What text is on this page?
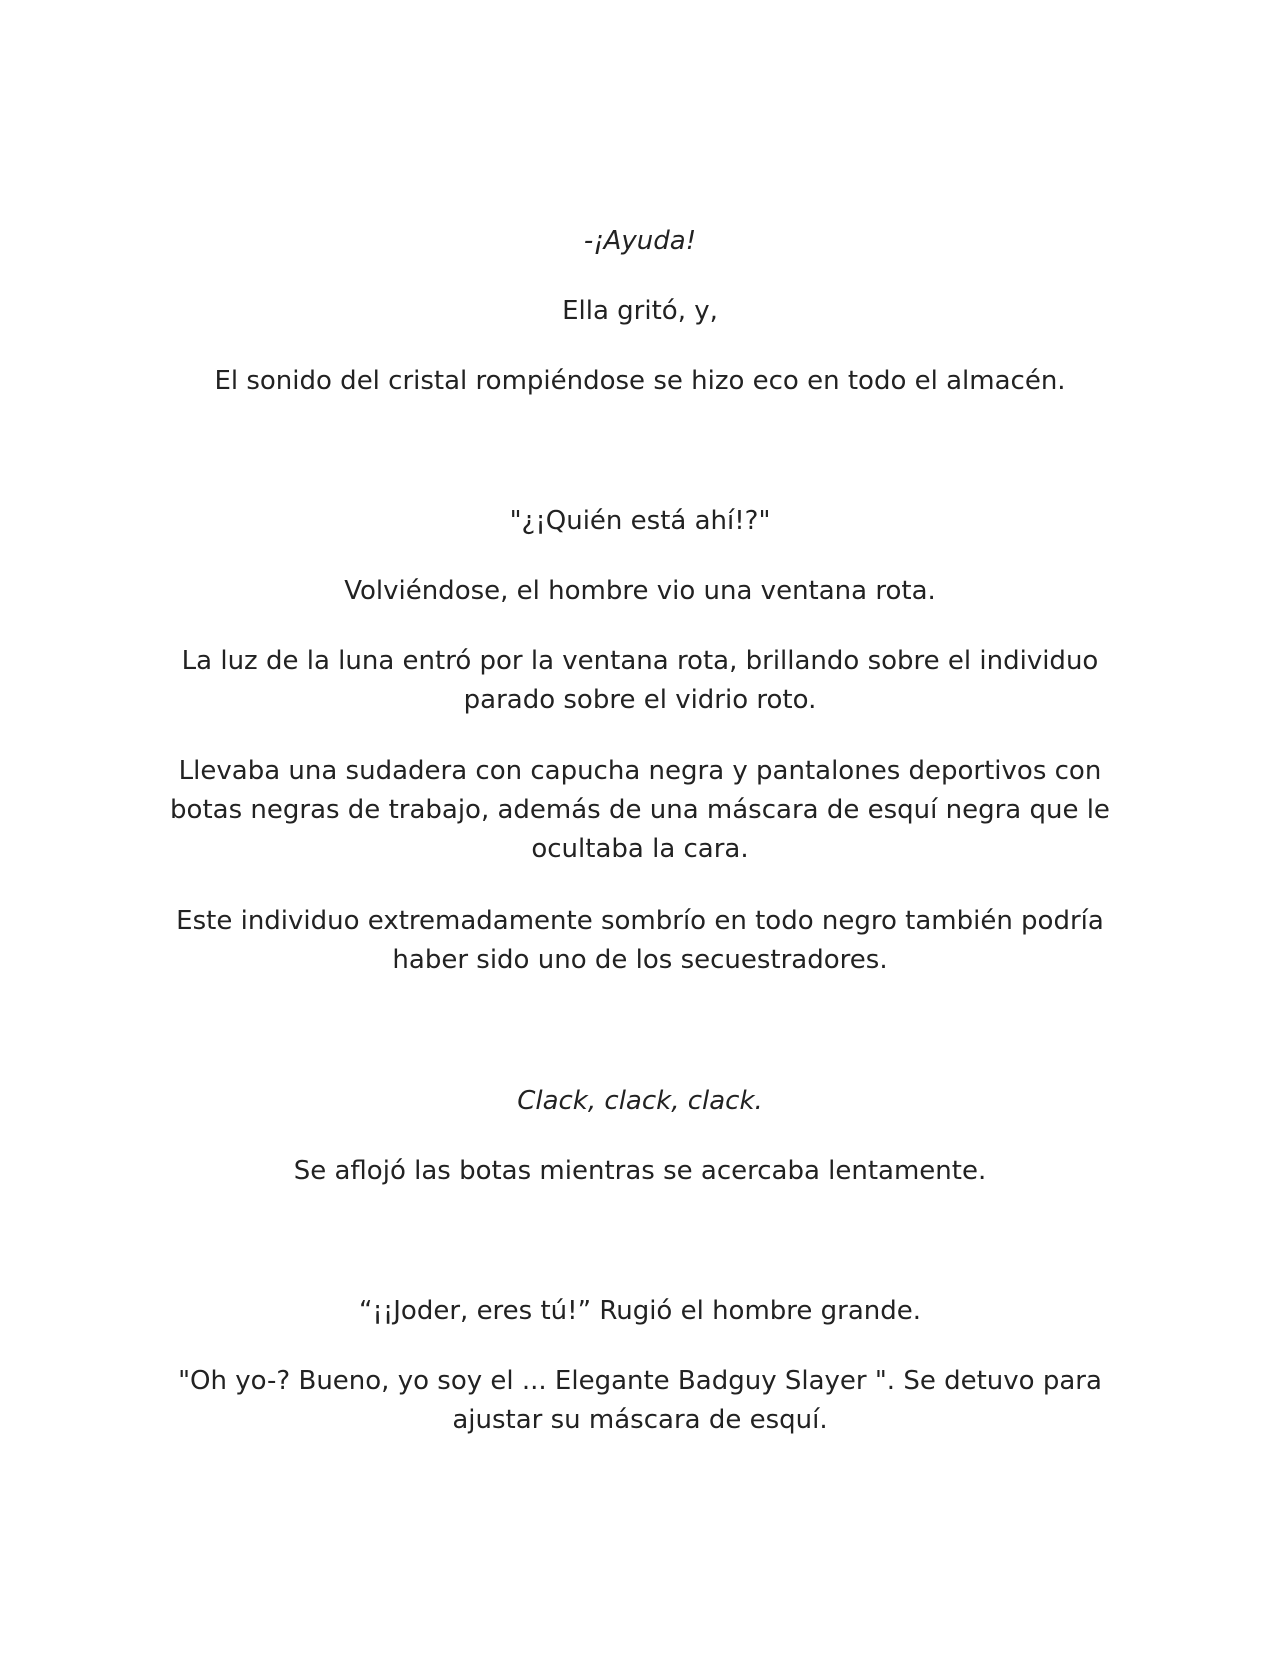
-¡Ayuda!

Ella gritó, y,

El sonido del cristal rompiéndose se hizo eco en todo el almacén.

"¿¡Quién está ahí!?"

Volviéndose, el hombre vio una ventana rota.

La luz de la luna entró por la ventana rota, brillando sobre el individuo parado sobre el vidrio roto.

Llevaba una sudadera con capucha negra y pantalones deportivos con botas negras de trabajo, además de una máscara de esquí negra que le ocultaba la cara.

Este individuo extremadamente sombrío en todo negro también podría haber sido uno de los secuestradores.

Clack, clack, clack.

Se aflojó las botas mientras se acercaba lentamente.

“¡¡Joder, eres tú!” Rugió el hombre grande.

"Oh yo-? Bueno, yo soy el ... Elegante Badguy Slayer ". Se detuvo para ajustar su máscara de esquí.
